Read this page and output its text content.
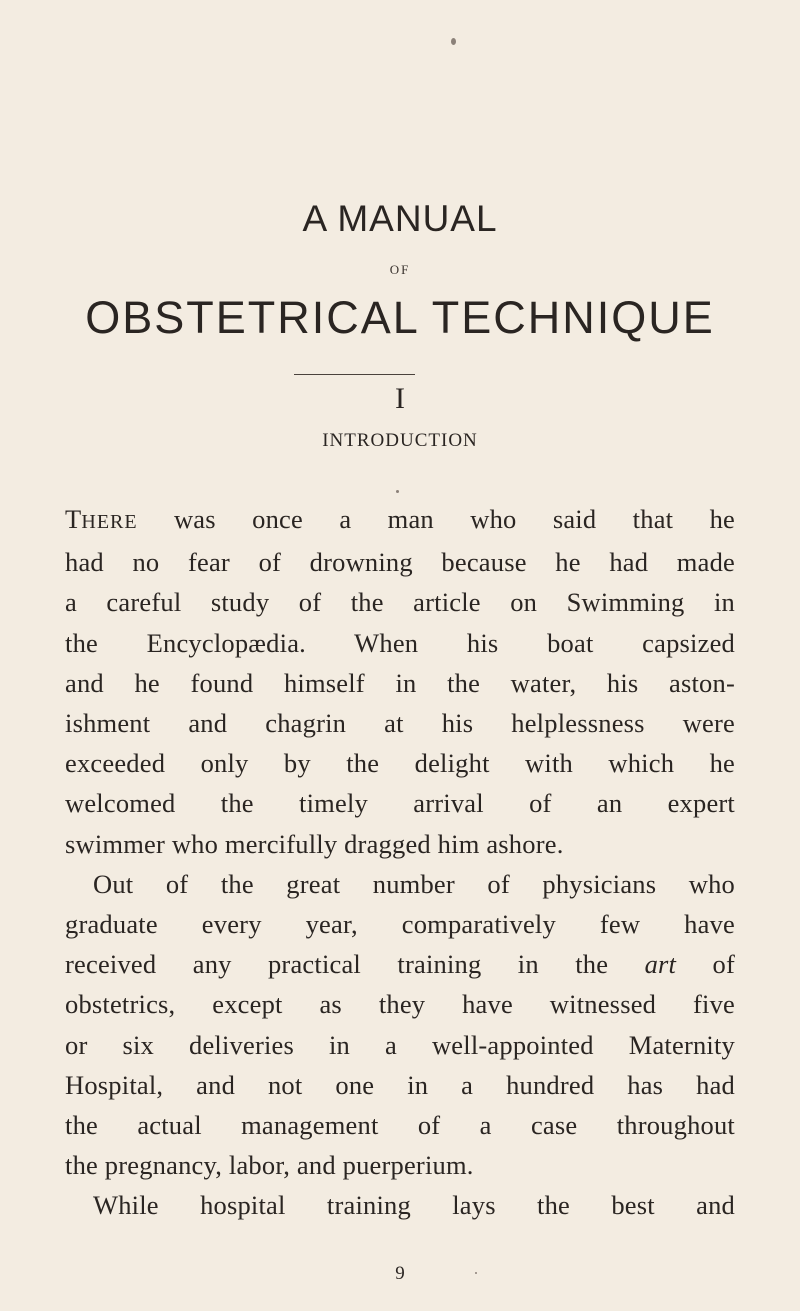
A MANUAL
OF
OBSTETRICAL TECHNIQUE
I
INTRODUCTION
THERE was once a man who said that he
had no fear of drowning because he had made
a careful study of the article on Swimming in
the Encyclopædia. When his boat capsized
and he found himself in the water, his aston-
ishment and chagrin at his helplessness were
exceeded only by the delight with which he
welcomed the timely arrival of an expert
swimmer who mercifully dragged him ashore.
Out of the great number of physicians who
graduate every year, comparatively few have
received any practical training in the art of
obstetrics, except as they have witnessed five
or six deliveries in a well-appointed Maternity
Hospital, and not one in a hundred has had
the actual management of a case throughout
the pregnancy, labor, and puerperium.
While hospital training lays the best and
9
